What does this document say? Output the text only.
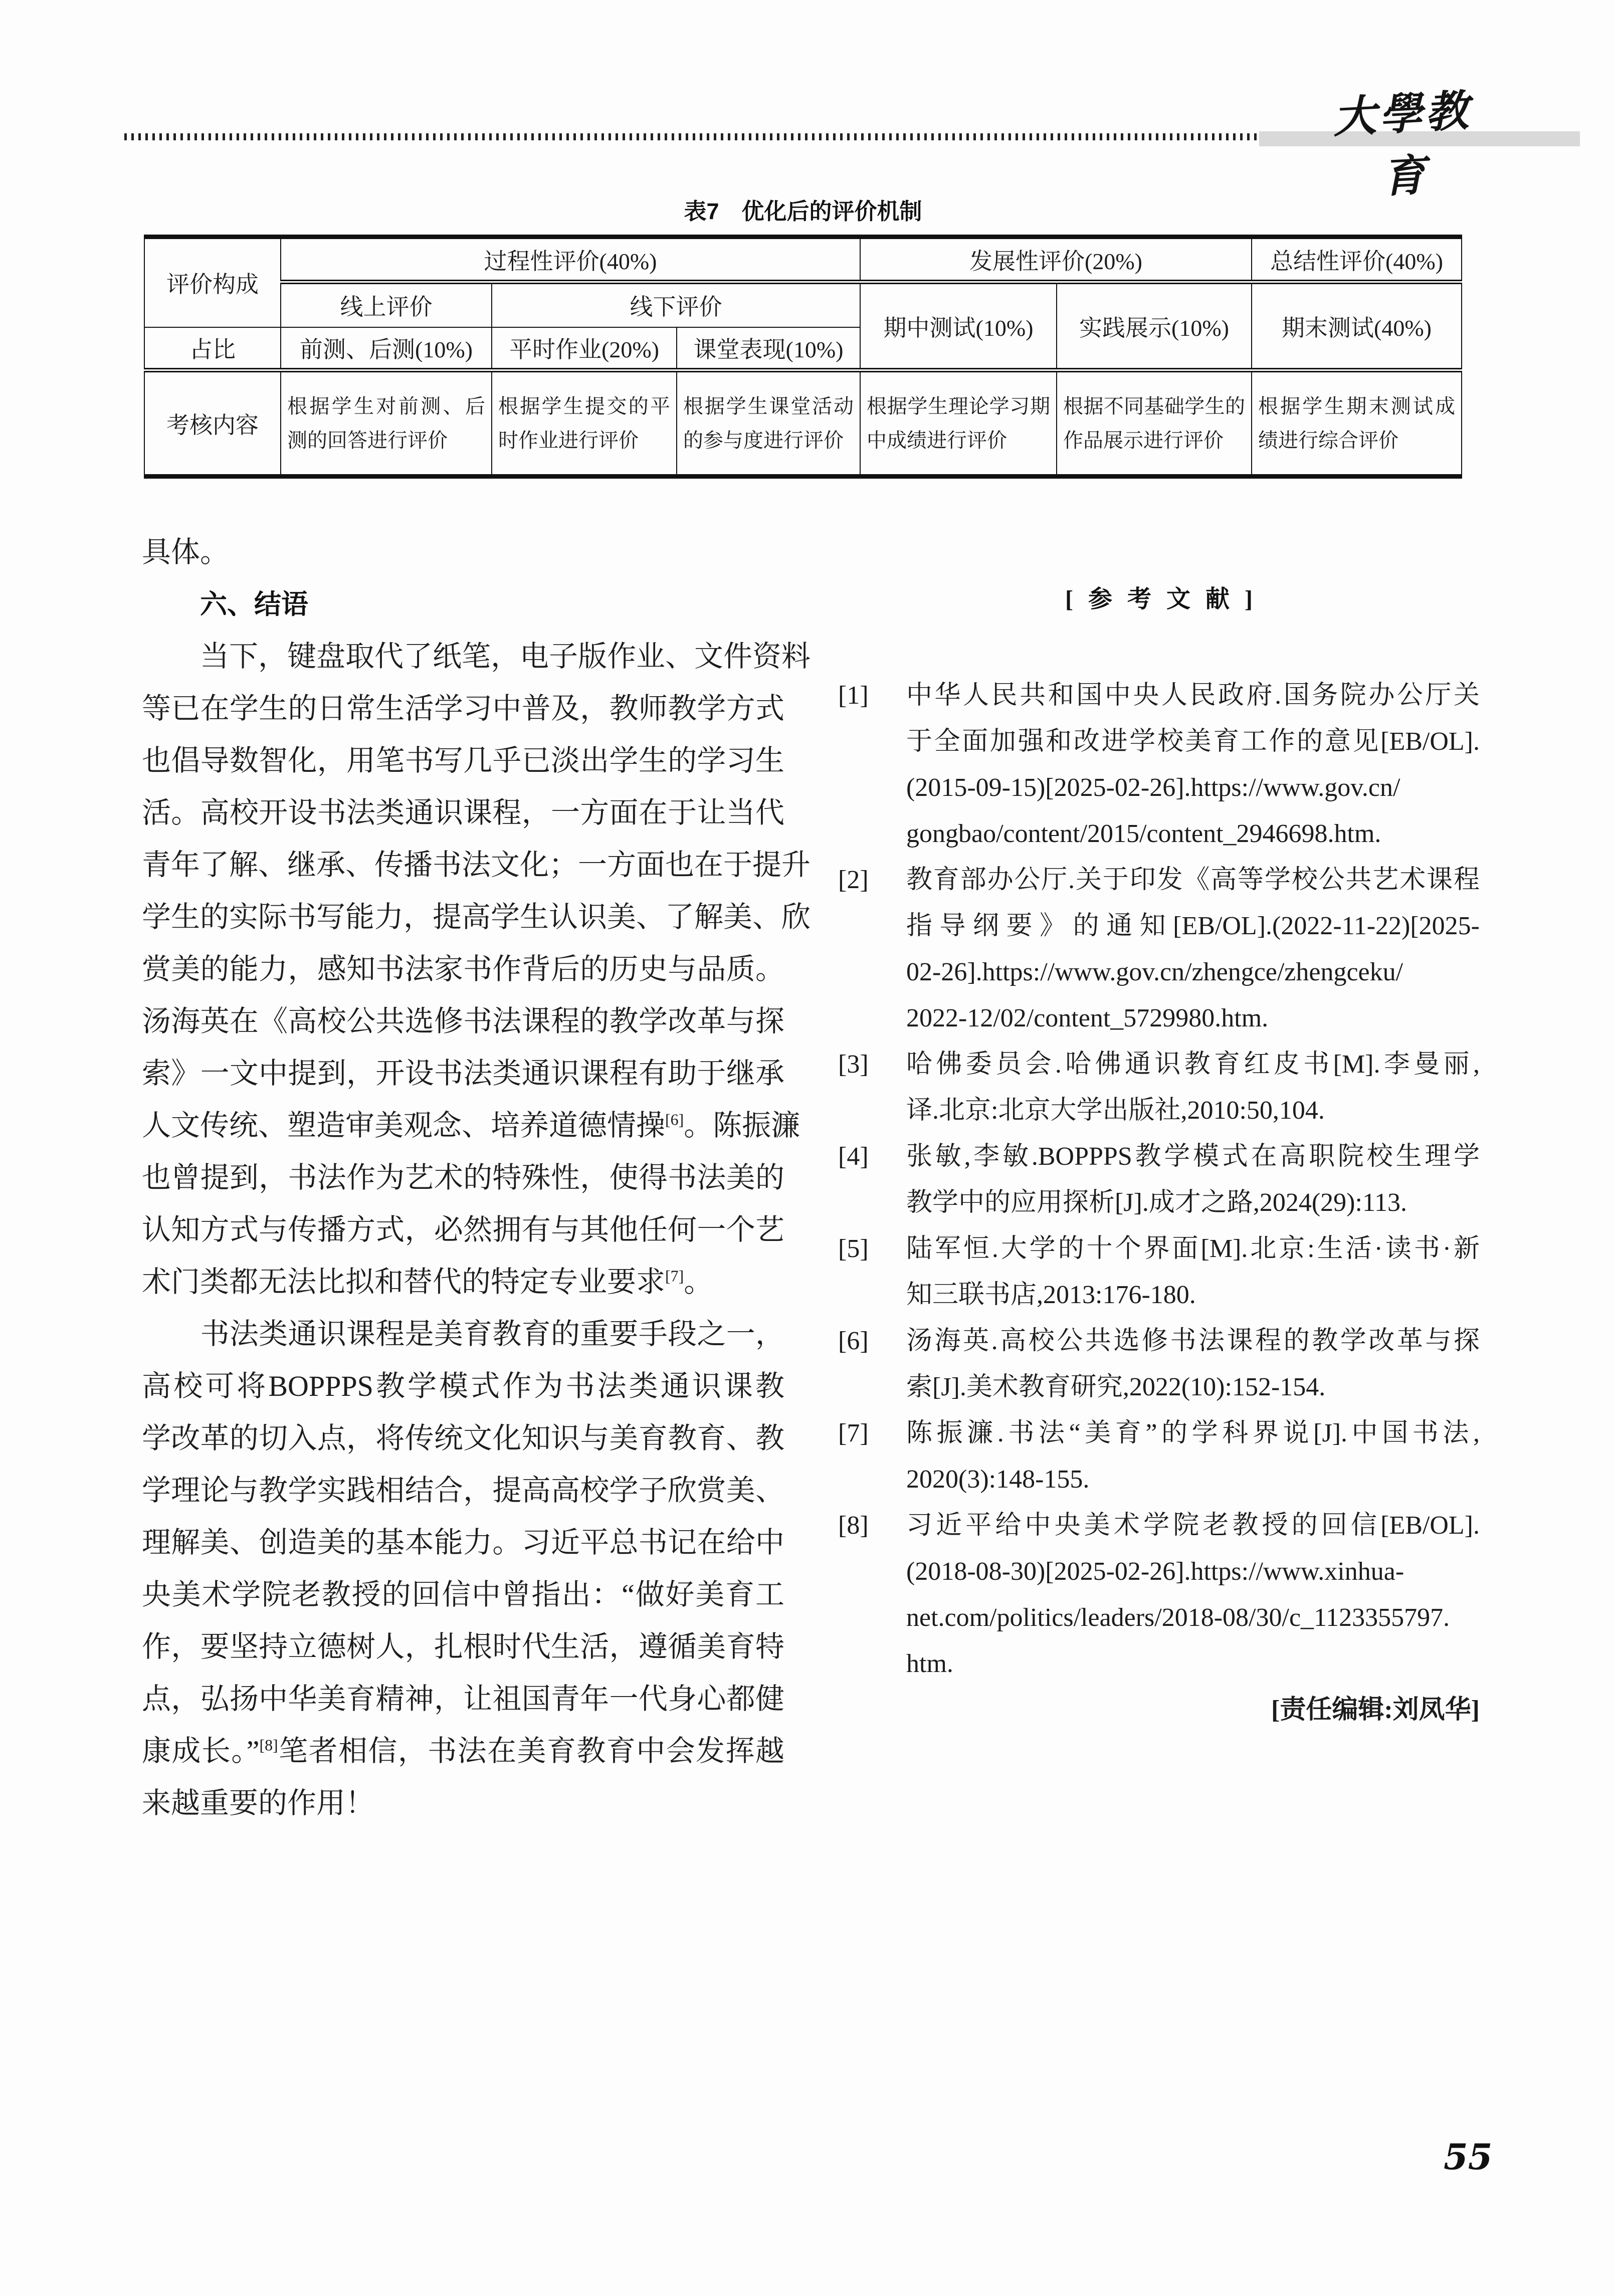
大學教育
表7　优化后的评价机制
评价构成	过程性评价(40%)			发展性评价(20%)		总结性评价(40%)
	线上评价	线下评价		期中测试(10%)	实践展示(10%)	期末测试(40%)
占比	前测、后测(10%)	平时作业(20%)	课堂表现(10%)			
考核内容	根据学生对前测、后测的回答进行评价	根据学生提交的平时作业进行评价	根据学生课堂活动的参与度进行评价	根据学生理论学习期中成绩进行评价	根据不同基础学生的作品展示进行评价	根据学生期末测试成绩进行综合评价
具体。
六、结语
　　当下，键盘取代了纸笔，电子版作业、文件资料
等已在学生的日常生活学习中普及，教师教学方式
也倡导数智化，用笔书写几乎已淡出学生的学习生
活。高校开设书法类通识课程，一方面在于让当代
青年了解、继承、传播书法文化；一方面也在于提升
学生的实际书写能力，提高学生认识美、了解美、欣
赏美的能力，感知书法家书作背后的历史与品质。
汤海英在《高校公共选修书法课程的教学改革与探
索》一文中提到，开设书法类通识课程有助于继承
人文传统、塑造审美观念、培养道德情操[6]。陈振濂
也曾提到，书法作为艺术的特殊性，使得书法美的
认知方式与传播方式，必然拥有与其他任何一个艺
术门类都无法比拟和替代的特定专业要求[7]。
　　书法类通识课程是美育教育的重要手段之一，
高校可将BOPPPS教学模式作为书法类通识课教
学改革的切入点，将传统文化知识与美育教育、教
学理论与教学实践相结合，提高高校学子欣赏美、
理解美、创造美的基本能力。习近平总书记在给中
央美术学院老教授的回信中曾指出：“做好美育工
作，要坚持立德树人，扎根时代生活，遵循美育特
点，弘扬中华美育精神，让祖国青年一代身心都健
康成长。”[8]笔者相信，书法在美育教育中会发挥越
来越重要的作用！
[参考文献]
[1] 中华人民共和国中央人民政府.国务院办公厅关
于全面加强和改进学校美育工作的意见[EB/OL].
(2015-09-15)[2025-02-26].https://www.gov.cn/
gongbao/content/2015/content_2946698.htm.
[2] 教育部办公厅.关于印发《高等学校公共艺术课程
指导纲要》的通知[EB/OL].(2022-11-22)[2025-
02-26].https://www.gov.cn/zhengce/zhengceku/
2022-12/02/content_5729980.htm.
[3] 哈佛委员会.哈佛通识教育红皮书[M].李曼丽,
译.北京:北京大学出版社,2010:50,104.
[4] 张敏,李敏.BOPPPS教学模式在高职院校生理学
教学中的应用探析[J].成才之路,2024(29):113.
[5] 陆军恒.大学的十个界面[M].北京:生活·读书·新
知三联书店,2013:176-180.
[6] 汤海英.高校公共选修书法课程的教学改革与探
索[J].美术教育研究,2022(10):152-154.
[7] 陈振濂.书法“美育”的学科界说[J].中国书法,
2020(3):148-155.
[8] 习近平给中央美术学院老教授的回信[EB/OL].
(2018-08-30)[2025-02-26].https://www.xinhua-
net.com/politics/leaders/2018-08/30/c_1123355797.
htm.
[责任编辑:刘凤华]
55
